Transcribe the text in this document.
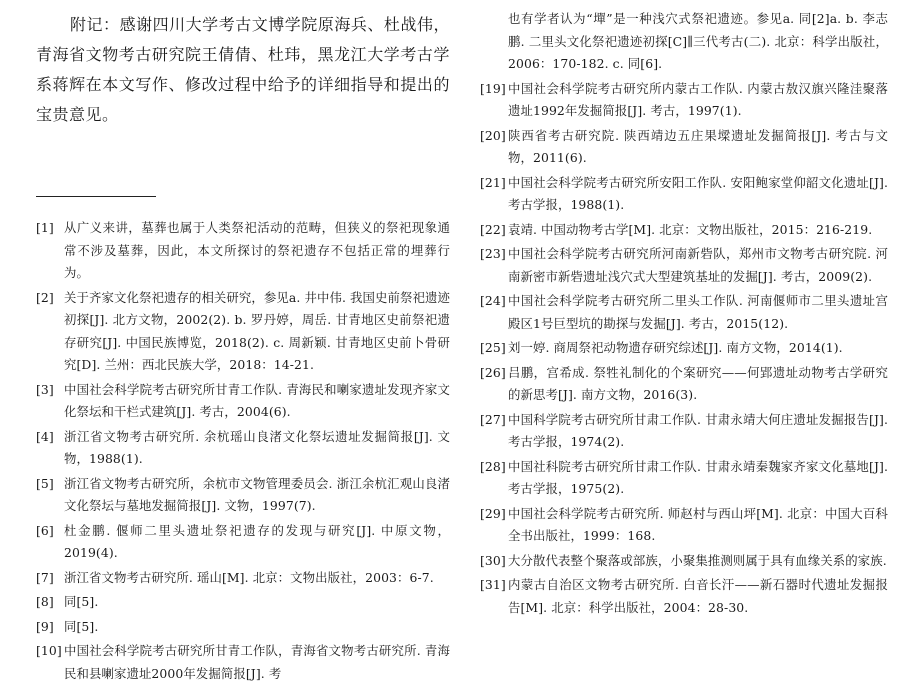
附记：感谢四川大学考古文博学院原海兵、杜战伟，青海省文物考古研究院王倩倩、杜玮，黑龙江大学考古学系蒋辉在本文写作、修改过程中给予的详细指导和提出的宝贵意见。

[1] 从广义来讲，墓葬也属于人类祭祀活动的范畴，但狭义的祭祀现象通常不涉及墓葬，因此，本文所探讨的祭祀遗存不包括正常的埋葬行为。
[2] 关于齐家文化祭祀遗存的相关研究，参见a. 井中伟. 我国史前祭祀遗迹初探[J]. 北方文物，2002(2). b. 罗丹婷，周岳. 甘青地区史前祭祀遗存研究[J]. 中国民族博览，2018(2). c. 周新颖. 甘青地区史前卜骨研究[D]. 兰州：西北民族大学，2018：14-21.
[3] 中国社会科学院考古研究所甘青工作队. 青海民和喇家遗址发现齐家文化祭坛和干栏式建筑[J]. 考古，2004(6).
[4] 浙江省文物考古研究所. 余杭瑶山良渚文化祭坛遗址发掘简报[J]. 文物，1988(1).
[5] 浙江省文物考古研究所，余杭市文物管理委员会. 浙江余杭汇观山良渚文化祭坛与墓地发掘简报[J]. 文物，1997(7).
[6] 杜金鹏. 偃师二里头遗址祭祀遗存的发现与研究[J]. 中原文物，2019(4).
[7] 浙江省文物考古研究所. 瑶山[M]. 北京：文物出版社，2003：6-7.
[8] 同[5].
[9] 同[5].
[10] 中国社会科学院考古研究所甘青工作队，青海省文物考古研究所. 青海民和县喇家遗址2000年发掘简报[J]. 考
也有学者认为“墠”是一种浅穴式祭祀遗迹。参见a. 同[2]a. b. 李志鹏. 二里头文化祭祀遗迹初探[C]∥三代考古(二). 北京：科学出版社，2006：170-182. c. 同[6].
[19] 中国社会科学院考古研究所内蒙古工作队. 内蒙古敖汉旗兴隆洼聚落遗址1992年发掘简报[J]. 考古，1997(1).
[20] 陕西省考古研究院. 陕西靖边五庄果墚遗址发掘简报[J]. 考古与文物，2011(6).
[21] 中国社会科学院考古研究所安阳工作队. 安阳鲍家堂仰韶文化遗址[J]. 考古学报，1988(1).
[22] 袁靖. 中国动物考古学[M]. 北京：文物出版社，2015：216-219.
[23] 中国社会科学院考古研究所河南新砦队，郑州市文物考古研究院. 河南新密市新砦遗址浅穴式大型建筑基址的发掘[J]. 考古，2009(2).
[24] 中国社会科学院考古研究所二里头工作队. 河南偃师市二里头遗址宫殿区1号巨型坑的勘探与发掘[J]. 考古，2015(12).
[25] 刘一婷. 商周祭祀动物遗存研究综述[J]. 南方文物，2014(1).
[26] 吕鹏，宫希成. 祭牲礼制化的个案研究——何郢遗址动物考古学研究的新思考[J]. 南方文物，2016(3).
[27] 中国科学院考古研究所甘肃工作队. 甘肃永靖大何庄遗址发掘报告[J]. 考古学报，1974(2).
[28] 中国社科院考古研究所甘肃工作队. 甘肃永靖秦魏家齐家文化墓地[J]. 考古学报，1975(2).
[29] 中国社会科学院考古研究所. 师赵村与西山坪[M]. 北京：中国大百科全书出版社，1999：168.
[30] 大分散代表整个聚落或部族，小聚集推测则属于具有血缘关系的家族.
[31] 内蒙古自治区文物考古研究所. 白音长汗——新石器时代遗址发掘报告[M]. 北京：科学出版社，2004：28-30.
